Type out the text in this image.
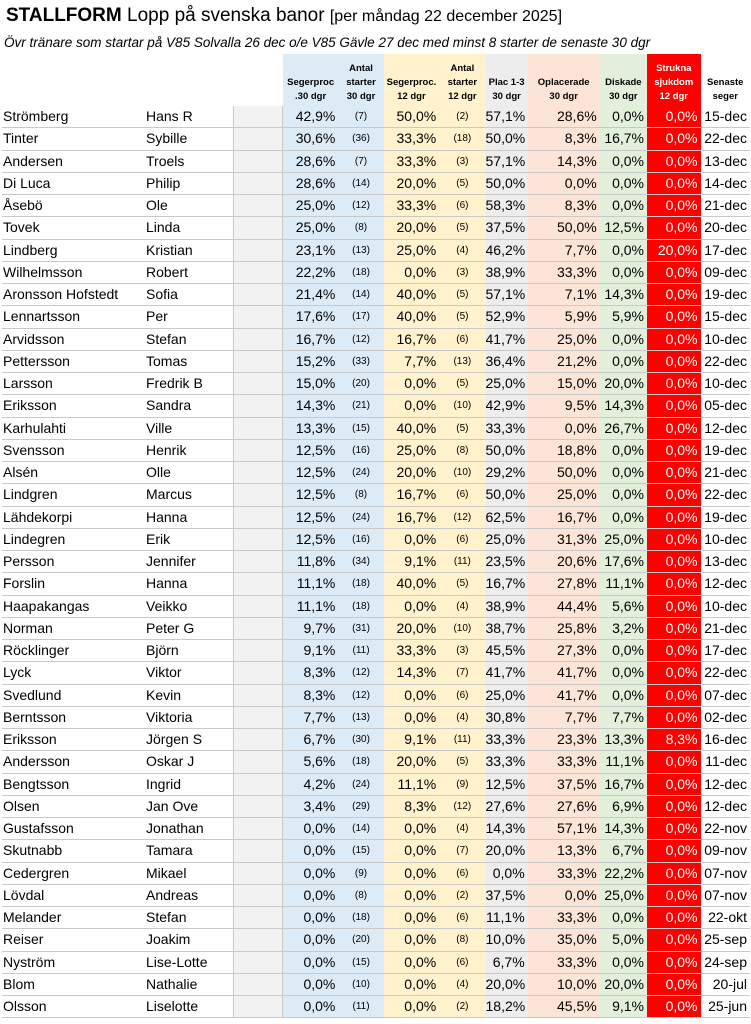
STALLFORM Lopp på svenska banor [per måndag 22 december 2025]
Övr tränare som startar på V85 Solvalla 26 dec o/e V85 Gävle 27 dec med minst 8 starter de senaste 30 dgr
			Segerproc
.30 dgr	Antal
starter
30 dgr	Segerproc.
12 dgr	Antal
starter
12 dgr	Plac 1-3
30 dgr	Oplacerade
30 dgr	Diskade
30 dgr	Strukna
sjukdom
12 dgr	Senaste
seger
Strömberg	Hans R		42,9%	(7)	50,0%	(2)	57,1%	28,6%	0,0%	0,0%	15-dec
Tinter	Sybille		30,6%	(36)	33,3%	(18)	50,0%	8,3%	16,7%	0,0%	22-dec
Andersen	Troels		28,6%	(7)	33,3%	(3)	57,1%	14,3%	0,0%	0,0%	13-dec
Di Luca	Philip		28,6%	(14)	20,0%	(5)	50,0%	0,0%	0,0%	0,0%	14-dec
Åsebö	Ole		25,0%	(12)	33,3%	(6)	58,3%	8,3%	0,0%	0,0%	21-dec
Tovek	Linda		25,0%	(8)	20,0%	(5)	37,5%	50,0%	12,5%	0,0%	20-dec
Lindberg	Kristian		23,1%	(13)	25,0%	(4)	46,2%	7,7%	0,0%	20,0%	17-dec
Wilhelmsson	Robert		22,2%	(18)	0,0%	(3)	38,9%	33,3%	0,0%	0,0%	09-dec
Aronsson Hofstedt	Sofia		21,4%	(14)	40,0%	(5)	57,1%	7,1%	14,3%	0,0%	19-dec
Lennartsson	Per		17,6%	(17)	40,0%	(5)	52,9%	5,9%	5,9%	0,0%	15-dec
Arvidsson	Stefan		16,7%	(12)	16,7%	(6)	41,7%	25,0%	0,0%	0,0%	10-dec
Pettersson	Tomas		15,2%	(33)	7,7%	(13)	36,4%	21,2%	0,0%	0,0%	22-dec
Larsson	Fredrik B		15,0%	(20)	0,0%	(5)	25,0%	15,0%	20,0%	0,0%	10-dec
Eriksson	Sandra		14,3%	(21)	0,0%	(10)	42,9%	9,5%	14,3%	0,0%	05-dec
Karhulahti	Ville		13,3%	(15)	40,0%	(5)	33,3%	0,0%	26,7%	0,0%	12-dec
Svensson	Henrik		12,5%	(16)	25,0%	(8)	50,0%	18,8%	0,0%	0,0%	19-dec
Alsén	Olle		12,5%	(24)	20,0%	(10)	29,2%	50,0%	0,0%	0,0%	21-dec
Lindgren	Marcus		12,5%	(8)	16,7%	(6)	50,0%	25,0%	0,0%	0,0%	22-dec
Lähdekorpi	Hanna		12,5%	(24)	16,7%	(12)	62,5%	16,7%	0,0%	0,0%	19-dec
Lindegren	Erik		12,5%	(16)	0,0%	(6)	25,0%	31,3%	25,0%	0,0%	10-dec
Persson	Jennifer		11,8%	(34)	9,1%	(11)	23,5%	20,6%	17,6%	0,0%	13-dec
Forslin	Hanna		11,1%	(18)	40,0%	(5)	16,7%	27,8%	11,1%	0,0%	12-dec
Haapakangas	Veikko		11,1%	(18)	0,0%	(4)	38,9%	44,4%	5,6%	0,0%	10-dec
Norman	Peter G		9,7%	(31)	20,0%	(10)	38,7%	25,8%	3,2%	0,0%	21-dec
Röcklinger	Björn		9,1%	(11)	33,3%	(3)	45,5%	27,3%	0,0%	0,0%	17-dec
Lyck	Viktor		8,3%	(12)	14,3%	(7)	41,7%	41,7%	0,0%	0,0%	22-dec
Svedlund	Kevin		8,3%	(12)	0,0%	(6)	25,0%	41,7%	0,0%	0,0%	07-dec
Berntsson	Viktoria		7,7%	(13)	0,0%	(4)	30,8%	7,7%	7,7%	0,0%	02-dec
Eriksson	Jörgen S		6,7%	(30)	9,1%	(11)	33,3%	23,3%	13,3%	8,3%	16-dec
Andersson	Oskar J		5,6%	(18)	20,0%	(5)	33,3%	33,3%	11,1%	0,0%	11-dec
Bengtsson	Ingrid		4,2%	(24)	11,1%	(9)	12,5%	37,5%	16,7%	0,0%	12-dec
Olsen	Jan Ove		3,4%	(29)	8,3%	(12)	27,6%	27,6%	6,9%	0,0%	12-dec
Gustafsson	Jonathan		0,0%	(14)	0,0%	(4)	14,3%	57,1%	14,3%	0,0%	22-nov
Skutnabb	Tamara		0,0%	(15)	0,0%	(7)	20,0%	13,3%	6,7%	0,0%	09-nov
Cedergren	Mikael		0,0%	(9)	0,0%	(6)	0,0%	33,3%	22,2%	0,0%	07-nov
Lövdal	Andreas		0,0%	(8)	0,0%	(2)	37,5%	0,0%	25,0%	0,0%	07-nov
Melander	Stefan		0,0%	(18)	0,0%	(6)	11,1%	33,3%	0,0%	0,0%	22-okt
Reiser	Joakim		0,0%	(20)	0,0%	(8)	10,0%	35,0%	5,0%	0,0%	25-sep
Nyström	Lise-Lotte		0,0%	(15)	0,0%	(6)	6,7%	33,3%	0,0%	0,0%	24-sep
Blom	Nathalie		0,0%	(10)	0,0%	(4)	20,0%	10,0%	20,0%	0,0%	20-jul
Olsson	Liselotte		0,0%	(11)	0,0%	(2)	18,2%	45,5%	9,1%	0,0%	25-jun
